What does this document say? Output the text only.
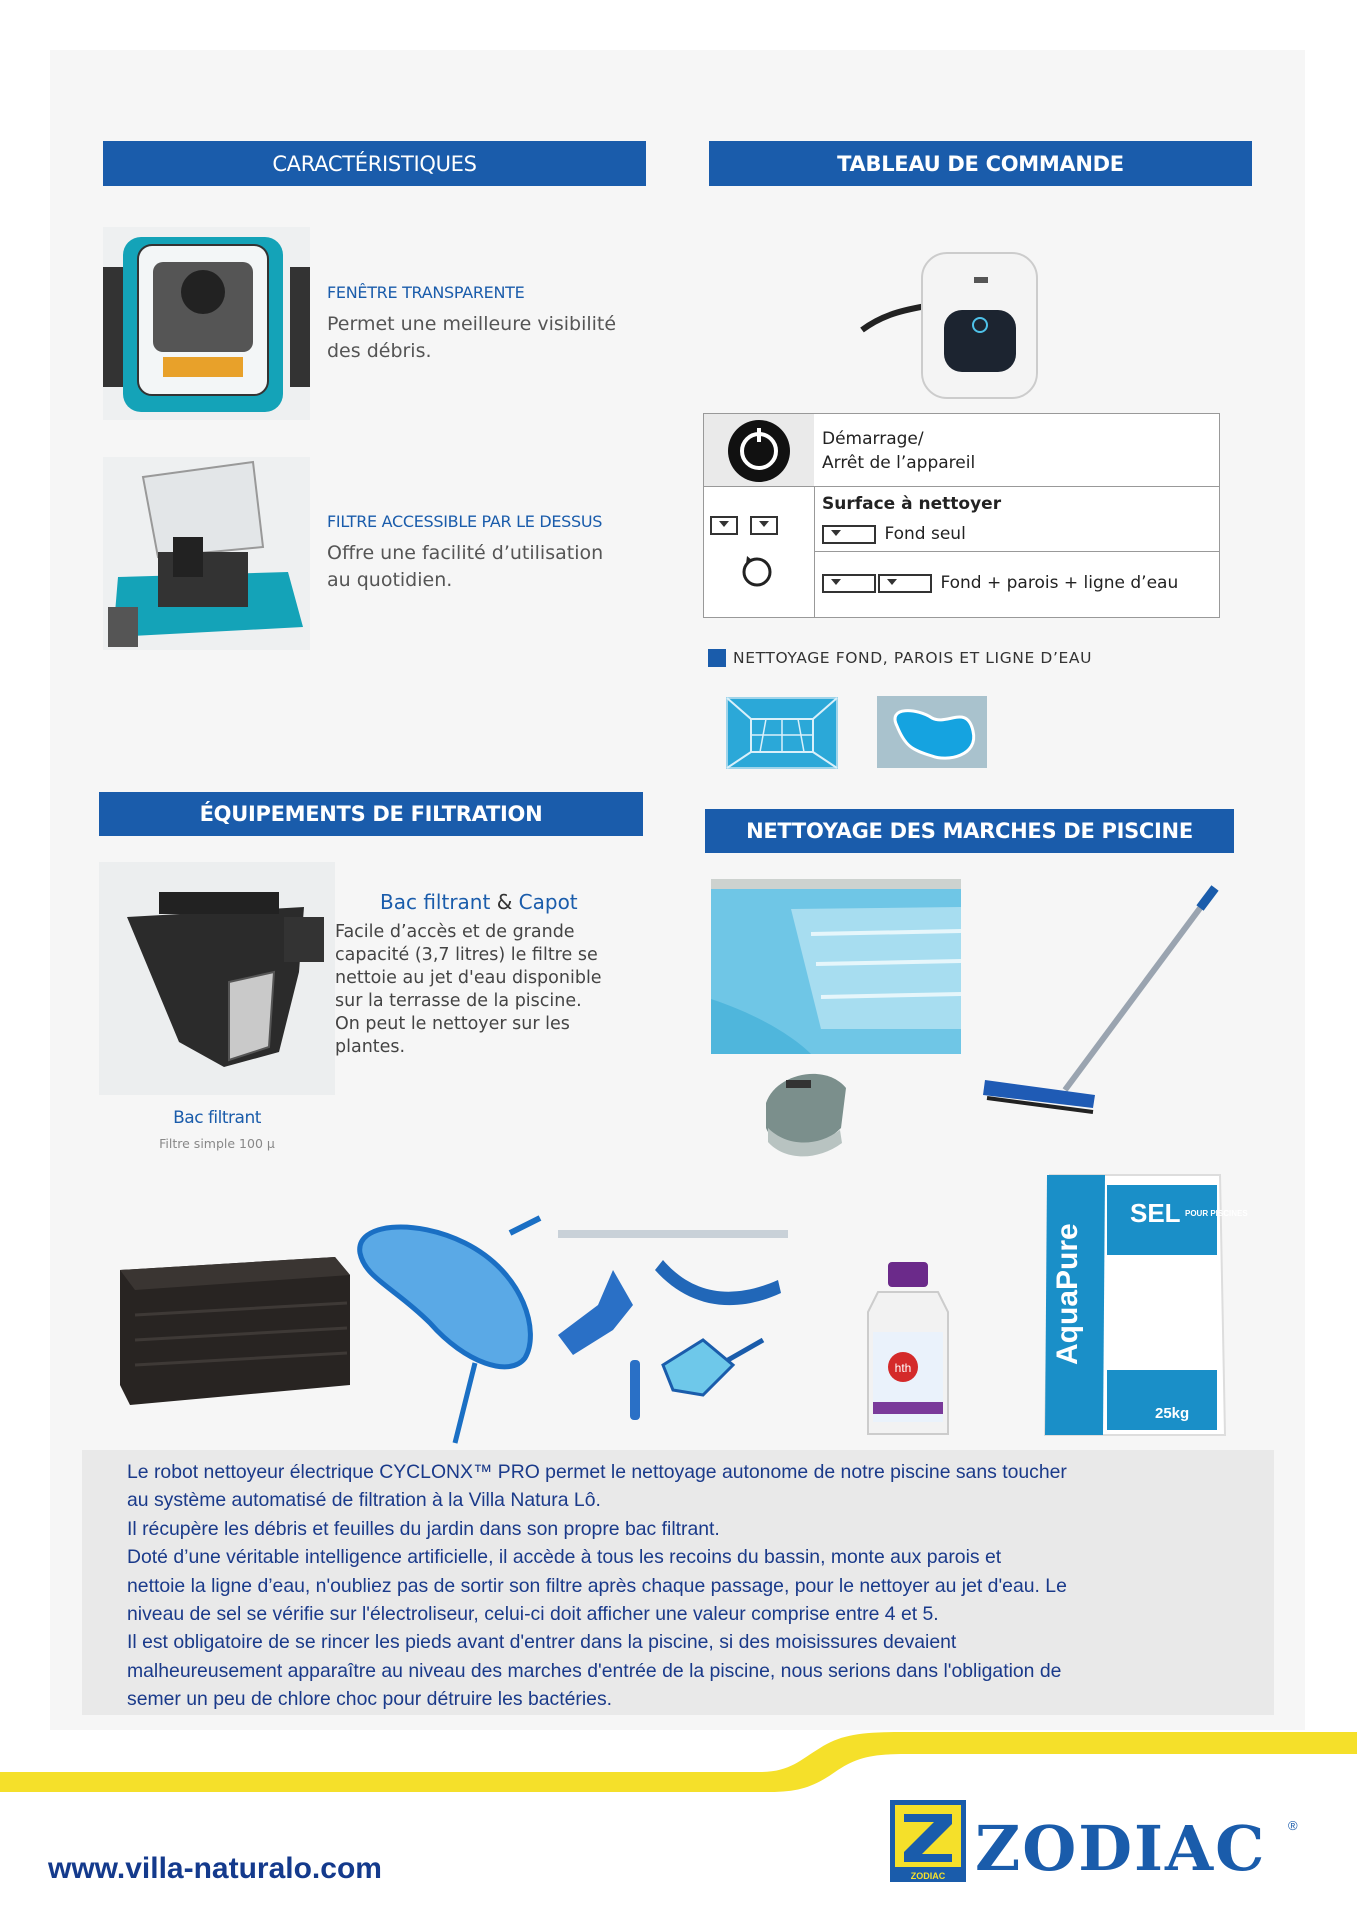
CARACTÉRISTIQUES	TABLEAU DE COMMANDE
ÉQUIPEMENTS DE FILTRATION
NETTOYAGE DES MARCHES DE PISCINE
FENÊTRE TRANSPARENTE
Permet une meilleure visibilité
des débris.
FILTRE ACCESSIBLE PAR LE DESSUS
Offre une facilité d’utilisation
au quotidien.
Démarrage/
Arrêt de l’appareil

Surface à nettoyer
Fond seul
Fond + parois + ligne d’eau
NETTOYAGE FOND, PAROIS ET LIGNE D’EAU
Bac filtrant & Capot
Facile d’accès et de grande
capacité (3,7 litres) le filtre se
nettoie au jet d'eau disponible
sur la terrasse de la piscine.
On peut le nettoyer sur les
plantes.
Bac filtrant
Filtre simple 100 µ
hth
SEL POUR PISCINES
AquaPure
25kg

Le robot nettoyeur électrique CYCLONX™ PRO permet le nettoyage autonome de notre piscine sans toucher
au système automatisé de filtration à la Villa Natura Lô.
Il récupère les débris et feuilles du jardin dans son propre bac filtrant.
Doté d’une véritable intelligence artificielle, il accède à tous les recoins du bassin, monte aux parois et
nettoie la ligne d’eau, n'oubliez pas de sortir son filtre après chaque passage, pour le nettoyer au jet d'eau. Le
niveau de sel se vérifie sur l'électroliseur, celui-ci doit afficher une valeur comprise entre 4 et 5.
Il est obligatoire de se rincer les pieds avant d'entrer dans la piscine, si des moisissures devaient
malheureusement apparaître au niveau des marches d'entrée de la piscine, nous serions dans l'obligation de
semer un peu de chlore choc pour détruire les bactéries.

www.villa-naturalo.com	ZODIAC ZODIAC ®
